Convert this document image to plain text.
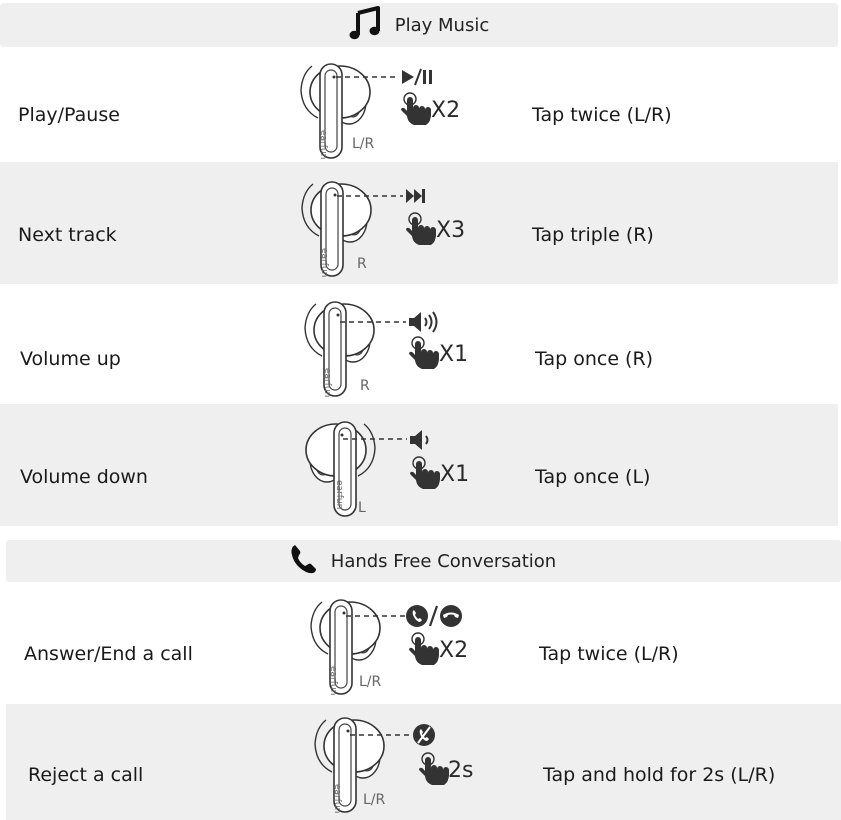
Play Music
Play/Pause
earfun
X2
L/R
Tap twice (L/R)
Next track
earfun
X3
R
Tap triple (R)
Volume up
earfun
X1
R
Tap once (R)
Volume down
earfun
X1
L
Tap once (L)
Hands Free Conversation
Answer/End a call
earfun
X2
L/R
Tap twice (L/R)
Reject a call
earfun
2s
L/R
Tap and hold for 2s (L/R)
